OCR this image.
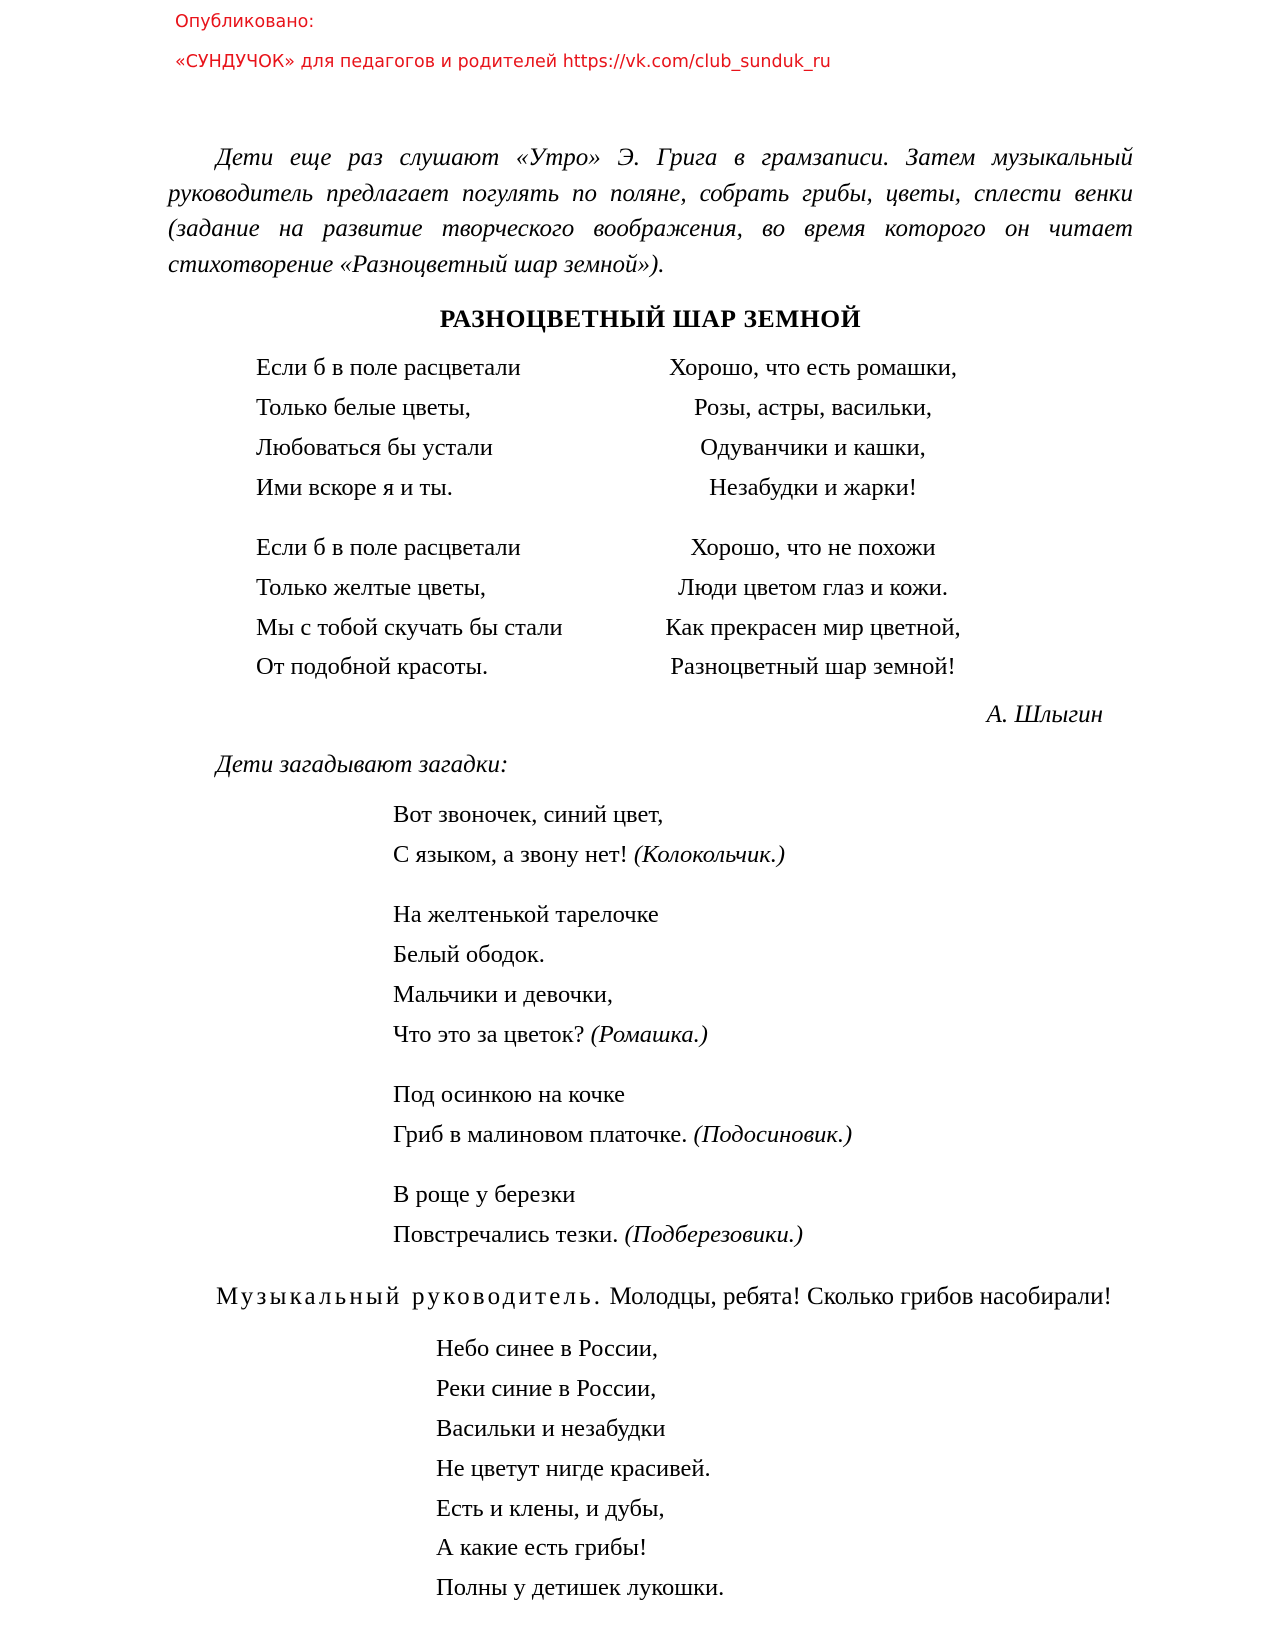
Опубликовано:
«СУНДУЧОК» для педагогов и родителей https://vk.com/club_sunduk_ru

Дети еще раз слушают «Утро» Э. Грига в грамзаписи. Затем музыкальный руководитель предлагает погулять по поляне, собрать грибы, цветы, сплести венки (задание на развитие творческого воображения, во время которого он читает стихотворение «Разноцветный шар земной»).

РАЗНОЦВЕТНЫЙ ШАР ЗЕМНОЙ
Если б в поле расцветали
Только белые цветы,
Любоваться бы устали
Ими вскоре я и ты.
Если б в поле расцветали
Только желтые цветы,
Мы с тобой скучать бы стали
От подобной красоты.
Хорошо, что есть ромашки,
Розы, астры, васильки,
Одуванчики и кашки,
Незабудки и жарки!
Хорошо, что не похожи
Люди цветом глаз и кожи.
Как прекрасен мир цветной,
Разноцветный шар земной!
А. Шлыгин

Дети загадывают загадки:

Вот звоночек, синий цвет,
С языком, а звону нет! (Колокольчик.)
На желтенькой тарелочке
Белый ободок.
Мальчики и девочки,
Что это за цветок? (Ромашка.)
Под осинкою на кочке
Гриб в малиновом платочке. (Подосиновик.)
В роще у березки
Повстречались тезки. (Подберезовики.)

Музыкальный руководитель. Молодцы, ребята! Сколько грибов насобирали!

Небо синее в России,
Реки синие в России,
Васильки и незабудки
Не цветут нигде красивей.
Есть и клены, и дубы,
А какие есть грибы!
Полны у детишек лукошки.
